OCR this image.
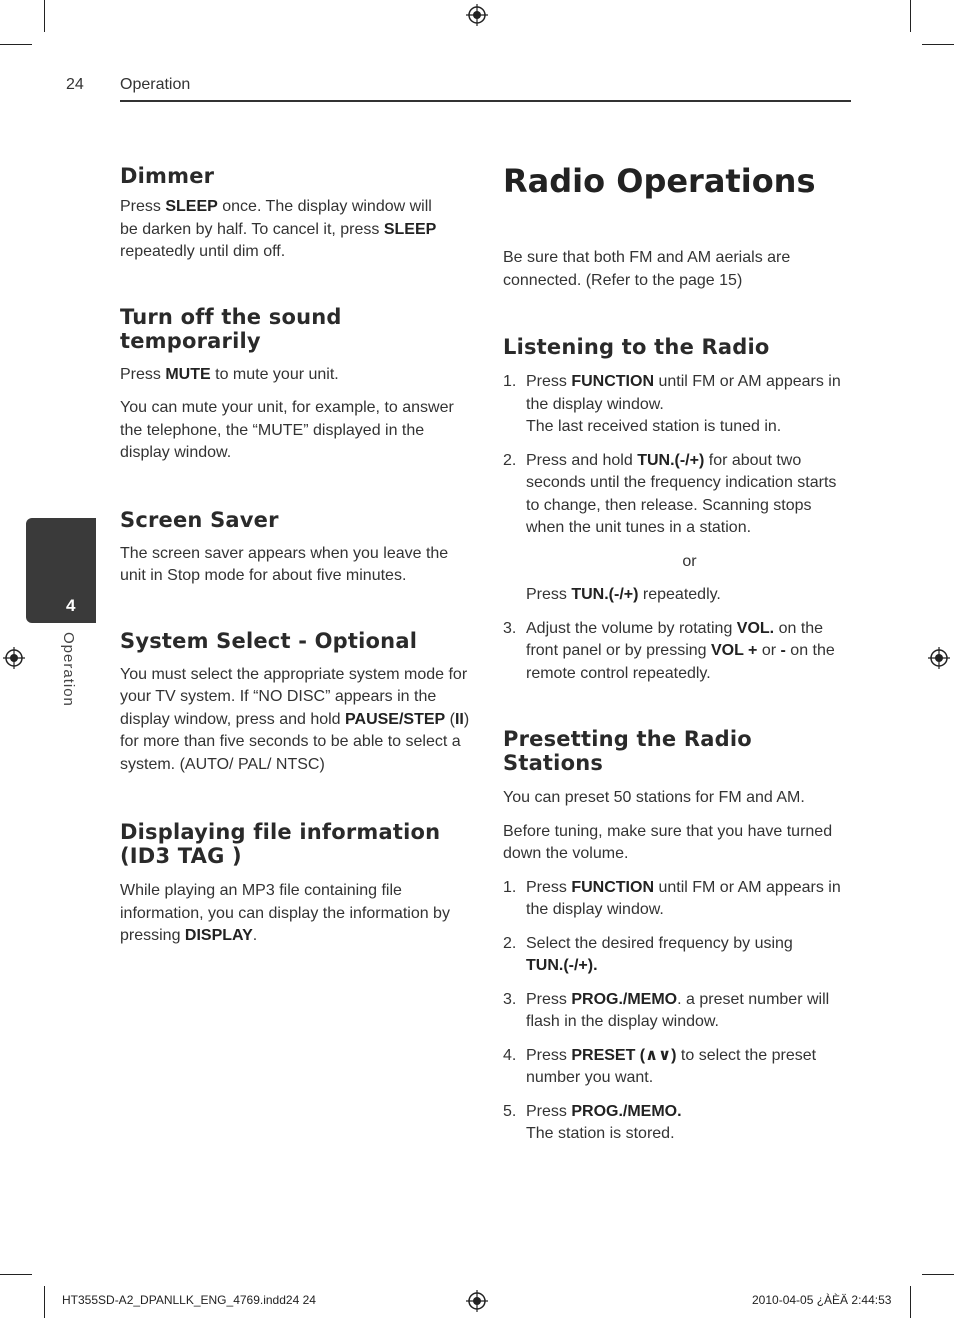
24 Operation
4
Operation
Dimmer

Press SLEEP once. The display window will be darken by half. To cancel it, press SLEEP repeatedly until dim off.

Turn off the sound temporarily

Press MUTE to mute your unit.

You can mute your unit, for example, to answer the telephone, the “MUTE” displayed in the display window.

Screen Saver

The screen saver appears when you leave the unit in Stop mode for about five minutes.

System Select - Optional

You must select the appropriate system mode for your TV system. If “NO DISC” appears in the display window, press and hold PAUSE/STEP (II) for more than five seconds to be able to select a system. (AUTO/ PAL/ NTSC)

Displaying file information
(ID3 TAG )

While playing an MP3 file containing file information, you can display the information by pressing DISPLAY.

Radio Operations

Be sure that both FM and AM aerials are connected. (Refer to the page 15)

Listening to the Radio
1. Press FUNCTION until FM or AM appears in the display window.
The last received station is tuned in.
2. Press and hold TUN.(-/+) for about two seconds until the frequency indication starts to change, then release. Scanning stops when the unit tunes in a station.
or

Press TUN.(-/+) repeatedly.

3. Adjust the volume by rotating VOL. on the front panel or by pressing VOL + or - on the remote control repeatedly.
Presetting the Radio Stations

You can preset 50 stations for FM and AM.

Before tuning, make sure that you have turned down the volume.

1. Press FUNCTION until FM or AM appears in the display window.
2. Select the desired frequency by using
TUN.(-/+).
3. Press PROG./MEMO. a preset number will flash in the display window.
4. Press PRESET (∧∨) to select the preset number you want.
5. Press PROG./MEMO.
The station is stored.
HT355SD-A2_DPANLLK_ENG_4769.indd24 24	2010-04-05 ¿ÀÈÄ 2:44:53
